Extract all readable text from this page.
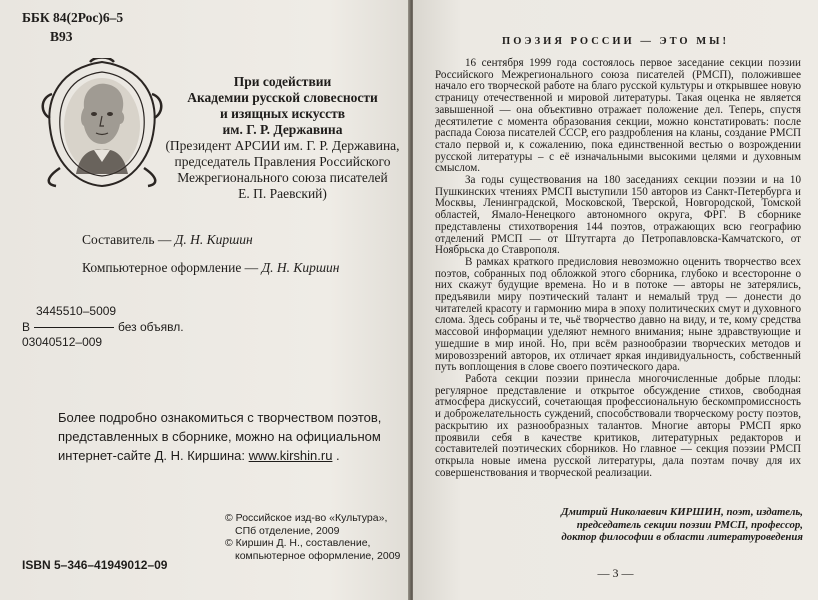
ББК 84(2Рос)6–5
В93
При содействии
Академии русской словесности
и изящных искусств
им. Г. Р. Державина
(Президент АРСИИ им. Г. Р. Державина,
председатель Правления Российского
Межрегионального союза писателей
Е. П. Раевский)
Составитель — Д. Н. Киршин
Компьютерное оформление — Д. Н. Киршин
3445510–5009
В	без объявл.
03040512–009
Более подробно ознакомиться с творчеством поэтов,
представленных в сборнике, можно на официальном
интернет-сайте Д. Н. Киршина: www.kirshin.ru .
© Российское изд-во «Культура»,
СПб отделение, 2009
© Киршин Д. Н., составление,
компьютерное оформление, 2009
ISBN 5–346–41949012–09
ПОЭЗИЯ РОССИИ — ЭТО МЫ!

16 сентября 1999 года состоялось первое заседание секции поэзии Российского Межрегионального союза писателей (РМСП), положившее начало его творческой работе на благо русской культуры и открывшее новую страницу отечественной и мировой литературы. Такая оценка не является завышенной — она объективно отражает положение дел. Теперь, спустя десятилетие с момента образования секции, можно констатировать: после распада Союза писателей СССР, его раздробления на кланы, создание РМСП стало первой и, к сожалению, пока единственной вестью о возрождении русской литературы – с её изначальными высокими целями и духовным смыслом.

За годы существования на 180 заседаниях секции поэзии и на 10 Пушкинских чтениях РМСП выступили 150 авторов из Санкт-Петербурга и Москвы, Ленинградской, Московской, Тверской, Новгородской, Томской областей, Ямало-Ненецкого автономного округа, ФРГ. В сборнике представлены стихотворения 144 поэтов, отражающих всю географию отделений РМСП — от Штутгарта до Петропавловска-Камчатского, от Ноябрьска до Ставрополя.

В рамках краткого предисловия невозможно оценить творчество всех поэтов, собранных под обложкой этого сборника, глубоко и всесторонне о них скажут будущие времена. Но и в потоке — авторы не затерялись, предъявили миру поэтический талант и немалый труд — донести до читателей красоту и гармонию мира в эпоху политических смут и духовного слома. Здесь собраны и те, чьё творчество давно на виду, и те, кому средства массовой информации уделяют немного внимания; ныне здравствующие и ушедшие в мир иной. Но, при всём разнообразии творческих методов и мировоззрений авторов, их отличает яркая индивидуальность, собственный путь воплощения в слове своего поэтического дара.

Работа секции поэзии принесла многочисленные добрые плоды: регулярное представление и открытое обсуждение стихов, свободная атмосфера дискуссий, сочетающая профессиональную бескомпромиссность и доброжелательность суждений, способствовали творческому росту поэтов, раскрытию их разнообразных талантов. Многие авторы РМСП ярко проявили себя в качестве критиков, литературных редакторов и составителей поэтических сборников. Но главное — секция поэзии РМСП открыла новые имена русской литературы, дала поэтам почву для их совершенствования и творческой реализации.

Дмитрий Николаевич КИРШИН, поэт, издатель,
председатель секции поэзии РМСП, профессор,
доктор философии в области литературоведения
— 3 —
